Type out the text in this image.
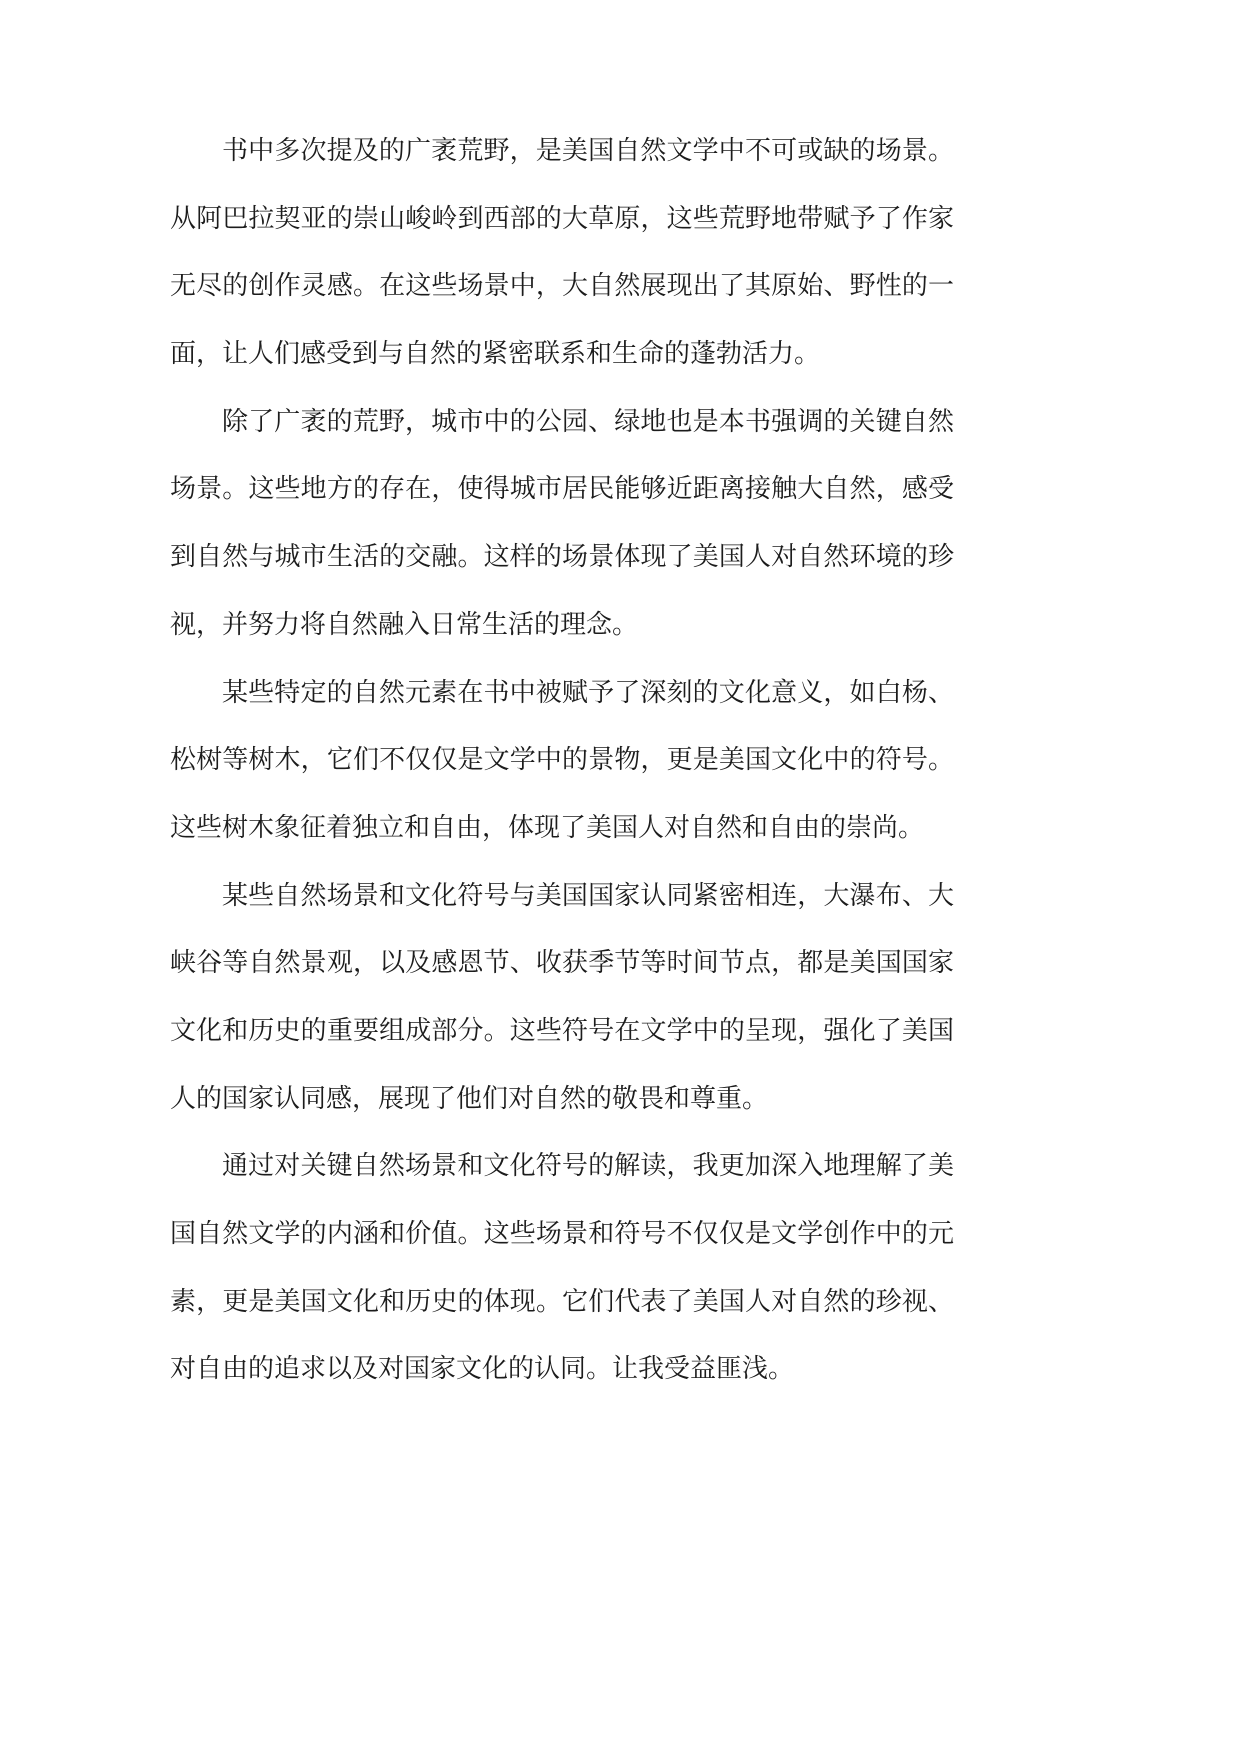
书中多次提及的广袤荒野，是美国自然文学中不可或缺的场景。
从阿巴拉契亚的崇山峻岭到西部的大草原，这些荒野地带赋予了作家
无尽的创作灵感。在这些场景中，大自然展现出了其原始、野性的一
面，让人们感受到与自然的紧密联系和生命的蓬勃活力。
除了广袤的荒野，城市中的公园、绿地也是本书强调的关键自然
场景。这些地方的存在，使得城市居民能够近距离接触大自然，感受
到自然与城市生活的交融。这样的场景体现了美国人对自然环境的珍
视，并努力将自然融入日常生活的理念。
某些特定的自然元素在书中被赋予了深刻的文化意义，如白杨、
松树等树木，它们不仅仅是文学中的景物，更是美国文化中的符号。
这些树木象征着独立和自由，体现了美国人对自然和自由的崇尚。
某些自然场景和文化符号与美国国家认同紧密相连，大瀑布、大
峡谷等自然景观，以及感恩节、收获季节等时间节点，都是美国国家
文化和历史的重要组成部分。这些符号在文学中的呈现，强化了美国
人的国家认同感，展现了他们对自然的敬畏和尊重。
通过对关键自然场景和文化符号的解读，我更加深入地理解了美
国自然文学的内涵和价值。这些场景和符号不仅仅是文学创作中的元
素，更是美国文化和历史的体现。它们代表了美国人对自然的珍视、
对自由的追求以及对国家文化的认同。让我受益匪浅。
